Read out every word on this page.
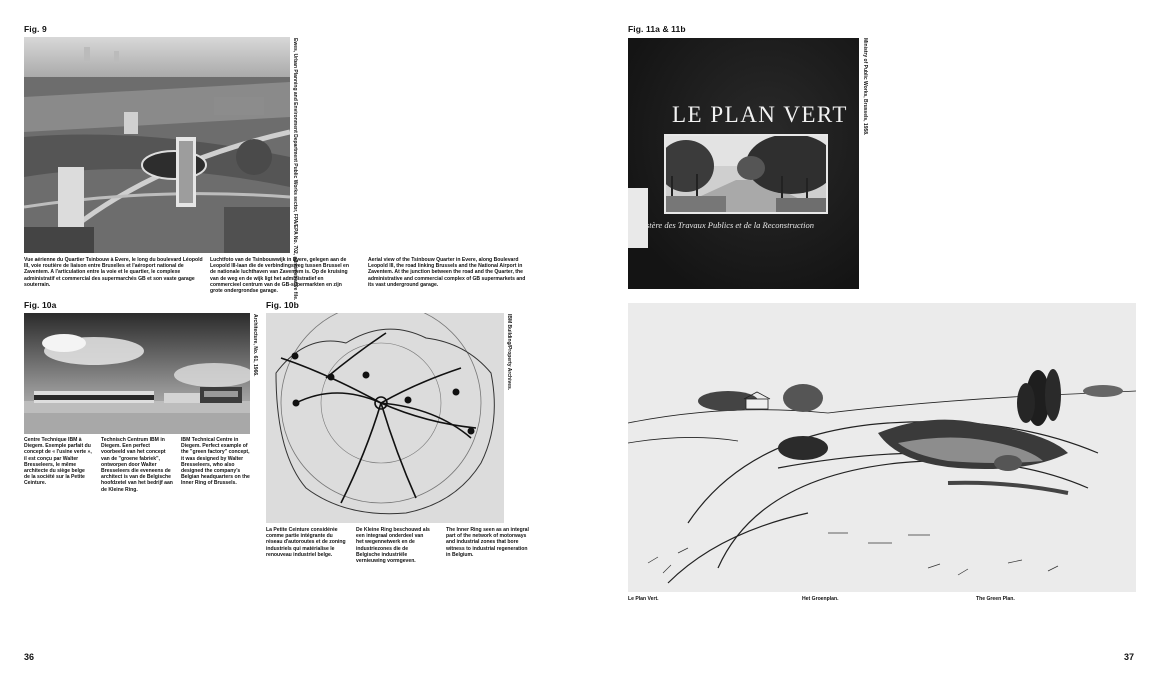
Fig. 9
Ewes, Urban Planning and Environment Department Public Works sector, FPA/EPA No. 702, administrative file.
Vue aérienne du Quartier Tsinbouw à Evere, le long du boulevard Léopold III, voie routière de liaison entre Bruxelles et l'aéroport national de Zaventem. A l'articulation entre la voie et le quartier, le complexe administratif et commercial des supermarchés GB et son vaste garage souterrain.
Luchtfoto van de Tsinbouwwijk in Evere, gelegen aan de Leopold III-laan die de verbindingsweg tussen Brussel en de nationale luchthaven van Zaventem is. Op de kruising van de weg en de wijk ligt het administratief en commercieel centrum van de GB-supermarkten en zijn grote ondergrondse garage.
Aerial view of the Tsinbouw Quarter in Evere, along Boulevard Leopold III, the road linking Brussels and the National Airport in Zaventem. At the junction between the road and the Quarter, the administrative and commercial complex of GB supermarkets and its vast underground garage.
Fig. 10a
Architecture, No. 61, 1966.
Centre Technique IBM à Diegem. Exemple parfait du concept de « l'usine verte », il est conçu par Walter Bresseleers, le même architecte du siège belge de la société sur la Petite Ceinture.
Technisch Centrum IBM in Diegem. Een perfect voorbeeld van het concept van de "groene fabriek", ontworpen door Walter Bresseleers die eveneens de architect is van de Belgische hoofdzetel van het bedrijf aan de Kleine Ring.
IBM Technical Centre in Diegem. Perfect example of the "green factory" concept, it was designed by Walter Bresseleers, who also designed the company's Belgian headquarters on the Inner Ring of Brussels.
Fig. 10b
IBM Building/Property Archives.
La Petite Ceinture considérée comme partie intégrante du réseau d'autoroutes et de zoning industriels qui matérialise le renouveau industriel belge.
De Kleine Ring beschouwd als een integraal onderdeel van het wegennetwerk en de industriezones die de Belgische industriële vernieuwing vormgeven.
The Inner Ring seen as an integral part of the network of motorways and industrial zones that bore witness to industrial regeneration in Belgium.
36
Fig. 11a & 11b
LE PLAN VERT
stère des Travaux Publics et de la Reconstruction
Ministry of Public Works, Brussels, 1958.
Le Plan Vert.	Het Groenplan.	The Green Plan.
37
